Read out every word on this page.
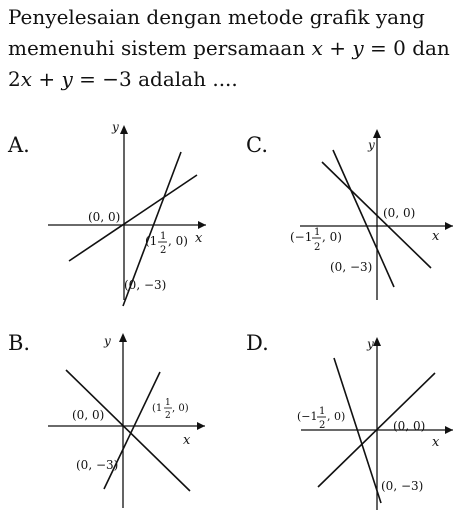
Penyelesaian dengan metode grafik yang
memenuhi sistem persamaan x + y = 0 dan
2x + y = −3 adalah ....
A.
y
x
(0, 0)
(1 1
2
, 0)
(0, −3)
C.	y
x
(0, 0)
(−1 1
2
, 0)
(0, −3)
B.	y
x
(0, 0)	(1 1
2
, 0)
(0, −3)
D.	y
x
(0, 0)
(−1 1
2
, 0)
(0, −3)
